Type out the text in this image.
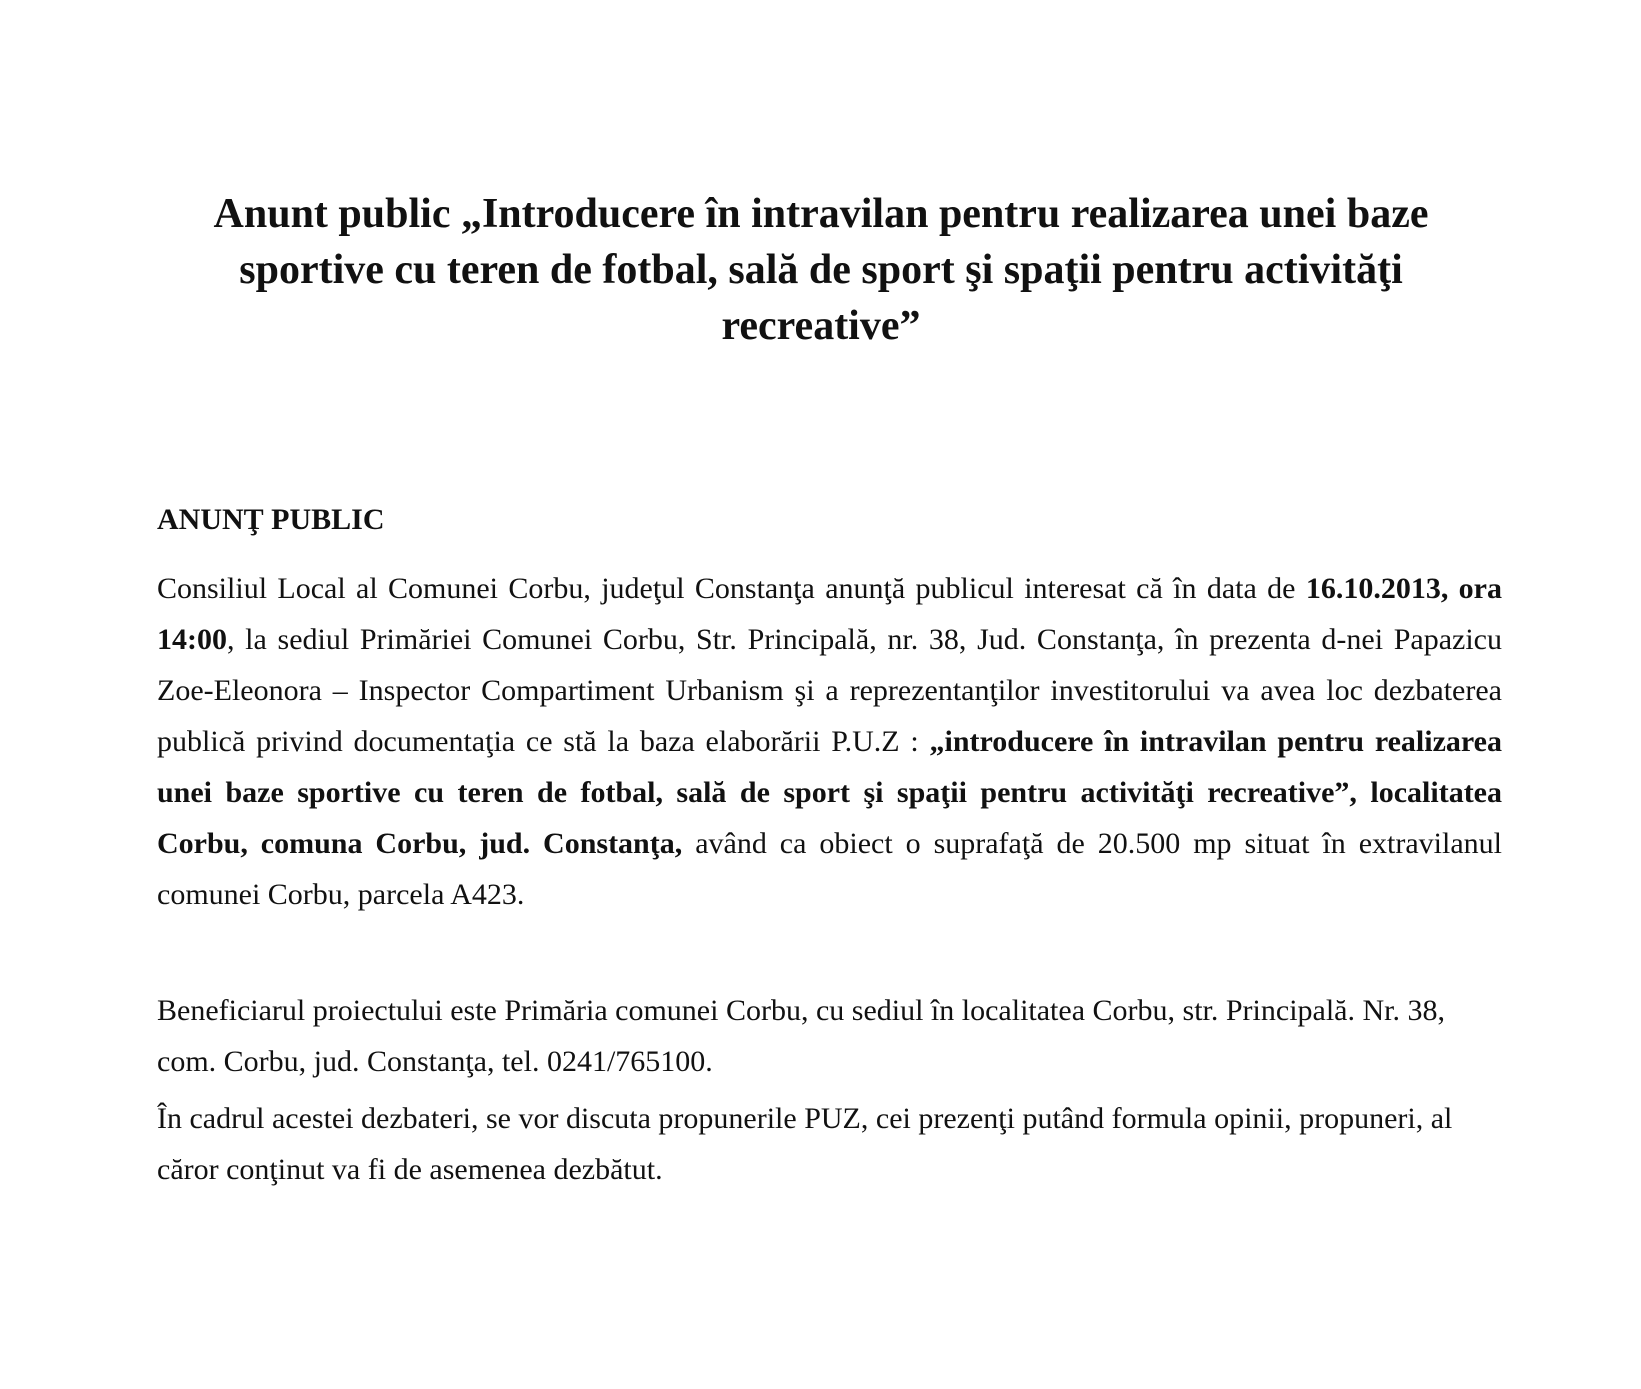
Anunt public „Introducere în intravilan pentru realizarea unei baze sportive cu teren de fotbal, sală de sport şi spaţii pentru activităţi recreative”
ANUNŢ PUBLIC

Consiliul Local al Comunei Corbu, judeţul Constanţa anunţă publicul interesat că în data de 16.10.2013, ora 14:00, la sediul Primăriei Comunei Corbu, Str. Principală, nr. 38, Jud. Constanţa, în prezenta d-nei Papazicu Zoe-Eleonora – Inspector Compartiment Urbanism şi a reprezentanţilor investitorului va avea loc dezbaterea publică privind documentaţia ce stă la baza elaborării P.U.Z : „introducere în intravilan pentru realizarea unei baze sportive cu teren de fotbal, sală de sport şi spaţii pentru activităţi recreative”, localitatea Corbu, comuna Corbu, jud. Constanţa, având ca obiect o suprafaţă de 20.500 mp situat în extravilanul comunei Corbu, parcela A423.

Beneficiarul proiectului este Primăria comunei Corbu, cu sediul în localitatea Corbu, str. Principală. Nr. 38, com. Corbu, jud. Constanţa, tel. 0241/765100.

În cadrul acestei dezbateri, se vor discuta propunerile PUZ, cei prezenţi putând formula opinii, propuneri, al căror conţinut va fi de asemenea dezbătut.
